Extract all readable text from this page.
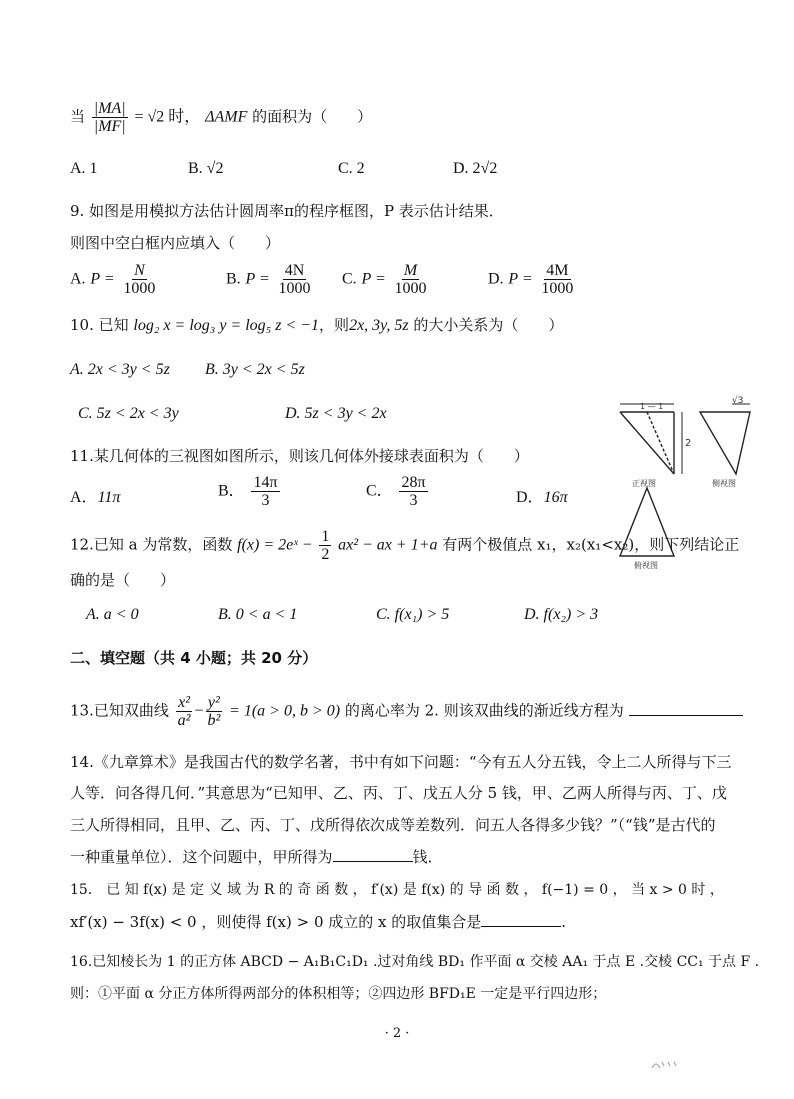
当 $\frac{|MA|}{|MF|} = √2$ 时， ΔAMF 的面积为（　　）
A. 1	B. √2	C. 2	D. 2√2
9. 如图是用模拟方法估计圆周率π的程序框图，P 表示估计结果．
则图中空白框内应填入（　　）
A. $P = \frac{N}{1000}$	B. $P = \frac{4N}{1000} C$. $P = \frac{M}{1000}$	D. $P = \frac{4M}{1000}$
10. 已知 log₂ x = log₃ y = log₅ z < −1，则2x, 3y, 5z 的大小关系为（　　）
A. 2x < 3y < 5z B. 3y < 2x < 5z
C. 5z < 2x < 3y	D. 5z < 3y < 2x
11.某几何体的三视图如图所示，则该几何体外接球表面积为（　　）
A．11π	B． $\frac{14\pi}{3}$	C． $\frac{28\pi}{3}$	D．16π
1 — 1
2
√3
正视图	侧视图
俯视图
12.已知 a 为常数，函数 f(x) = 2eˣ − $\frac{1}{2} ax^2$ − ax + 1+a 有两个极值点 x₁，x₂(x₁<x₂)，则下列结论正
确的是（　　）
A. a < 0	B. 0 < a < 1	C. f(x₁) > 5	D. f(x₂) > 3
二、填空题（共 4 小题；共 20 分）
13.已知双曲线 $\frac{\text{x²}}{\text{a²}} - \frac{\text{y²}}{\text{b²}} = 1(a > 0$, b > 0) 的离心率为 2. 则该双曲线的渐近线方程为
14.《九章算术》是我国古代的数学名著，书中有如下问题：“今有五人分五钱，令上二人所得与下三
人等．问各得几何．”其意思为“已知甲、乙、丙、丁、戊五人分 5 钱，甲、乙两人所得与丙、丁、戊
三人所得相同，且甲、乙、丙、丁、戊所得依次成等差数列．问五人各得多少钱？”（“钱”是古代的
一种重量单位）．这个问题中，甲所得为	钱．
15． 已 知 f(x) 是 定 义 域 为 R 的 奇 函 数 ， f′(x) 是 f(x) 的 导 函 数 ， f(−1) = 0 ， 当 x > 0 时 ，
xf′(x) − 3f(x) < 0 ，则使得 f(x) > 0 成立的 x 的取值集合是	.
16.已知棱长为 1 的正方体 ABCD − A₁B₁C₁D₁ .过对角线 BD₁ 作平面 α 交棱 AA₁ 于点 E .交棱 CC₁ 于点 F .
则：①平面 α 分正方体所得两部分的体积相等；②四边形 BFD₁E 一定是平行四边形；
· 2 ·
